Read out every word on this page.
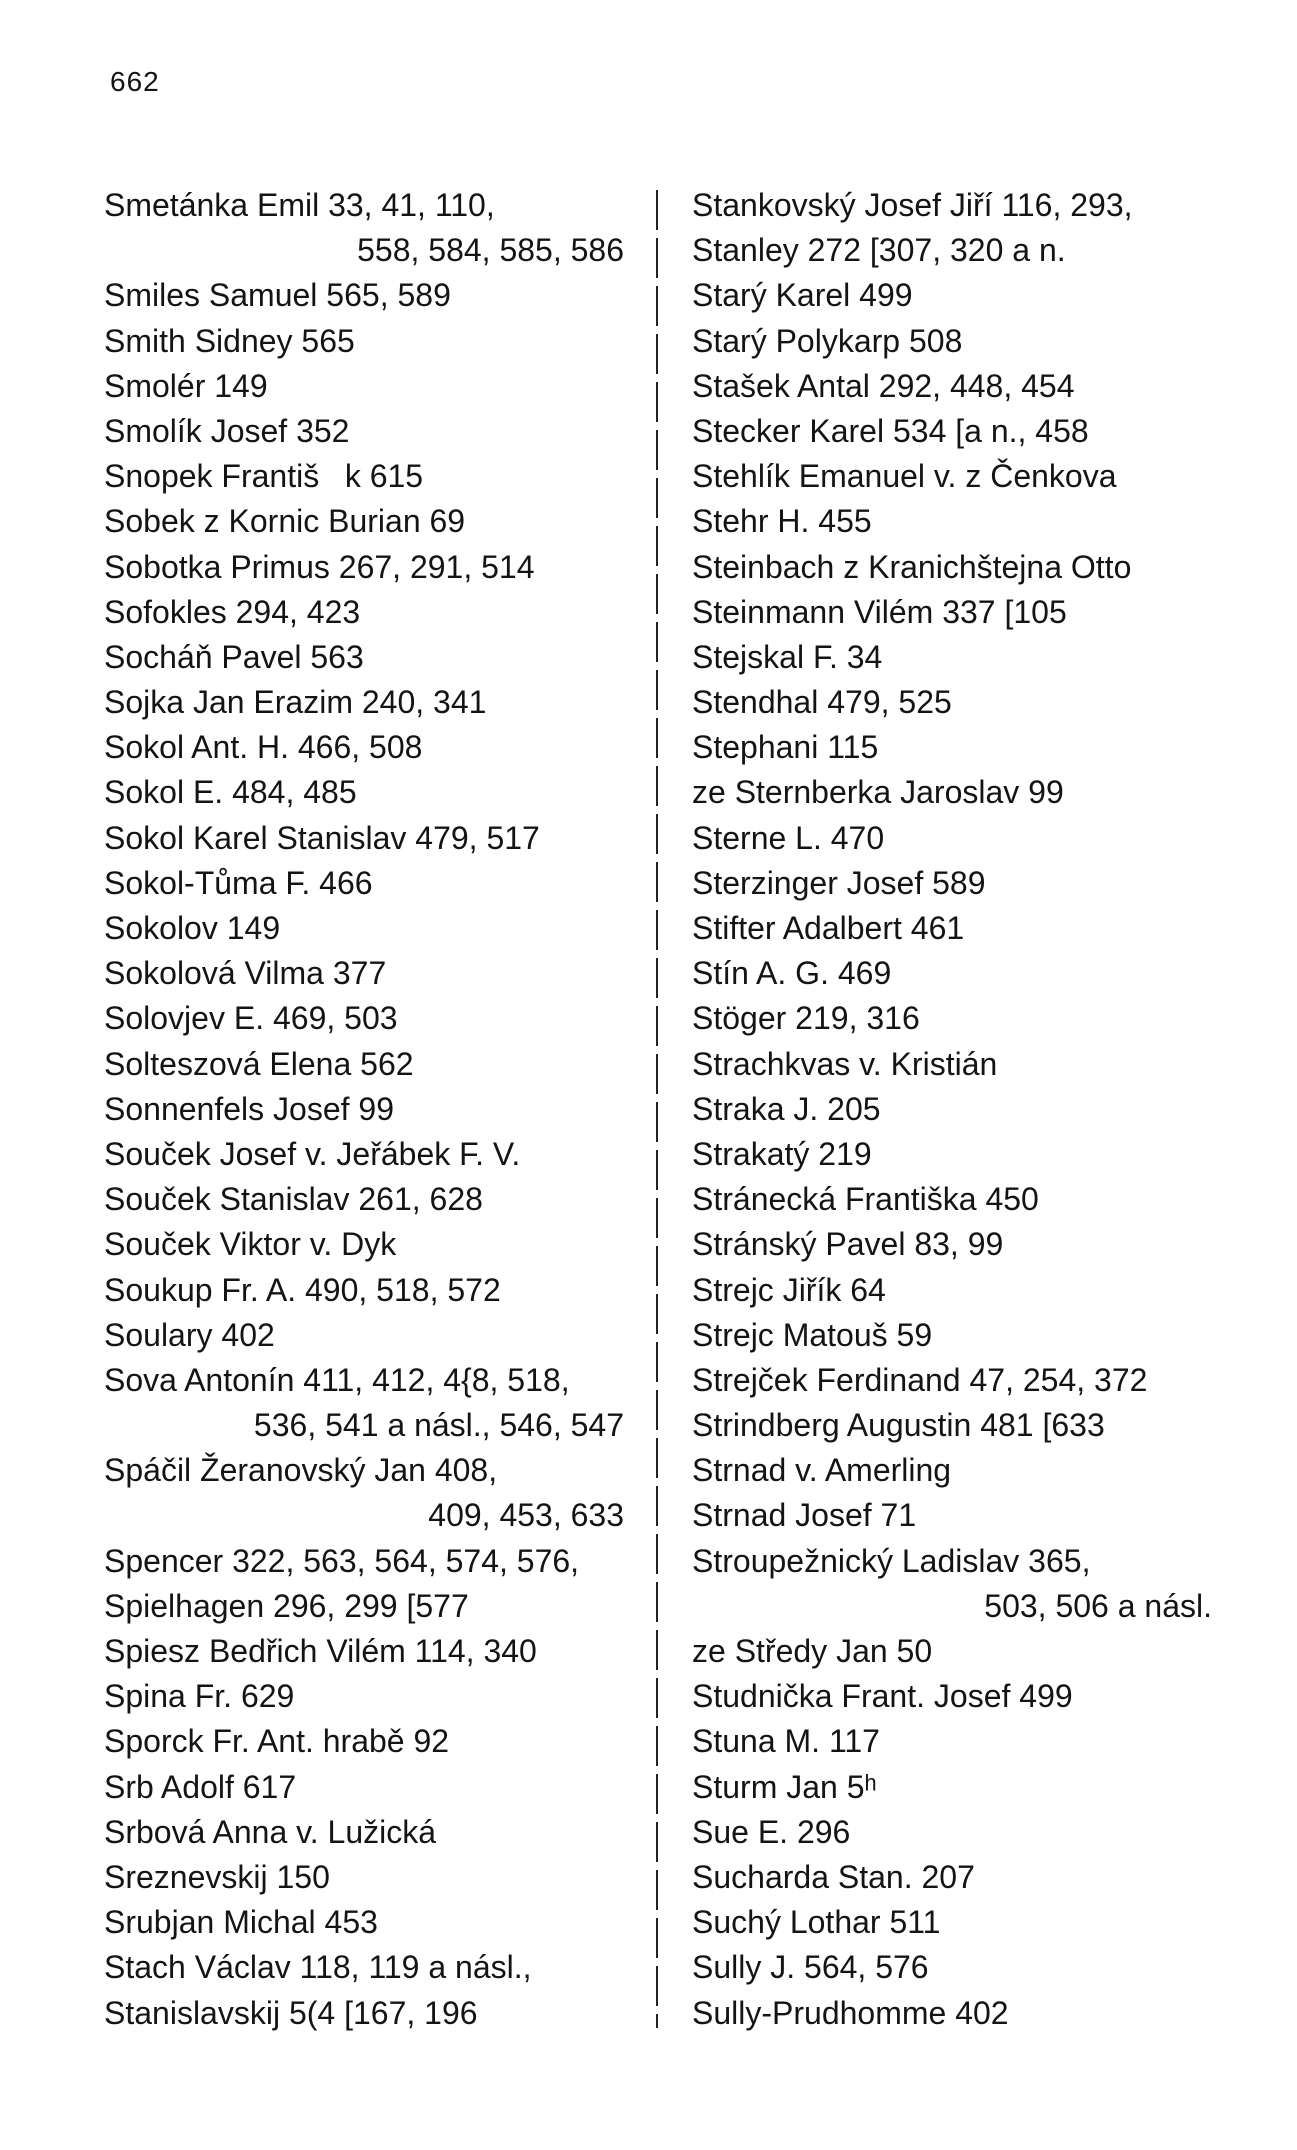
662
Smetánka Emil 33, 41, 110,
558, 584, 585, 586
Smiles Samuel 565, 589
Smith Sidney 565
Smolér 149
Smolík Josef 352
Snopek Františk 615
Sobek z Kornic Burian 69
Sobotka Primus 267, 291, 514
Sofokles 294, 423
Socháň Pavel 563
Sojka Jan Erazim 240, 341
Sokol Ant. H. 466, 508
Sokol E. 484, 485
Sokol Karel Stanislav 479, 517
Sokol-Tůma F. 466
Sokolov 149
Sokolová Vilma 377
Solovjev E. 469, 503
Solteszová Elena 562
Sonnenfels Josef 99
Souček Josef v. Jeřábek F. V.
Souček Stanislav 261, 628
Souček Viktor v. Dyk
Soukup Fr. A. 490, 518, 572
Soulary 402
Sova Antonín 411, 412, 4{8, 518,
536, 541 a násl., 546, 547
Spáčil Žeranovský Jan 408,
409, 453, 633
Spencer 322, 563, 564, 574, 576,
Spielhagen 296, 299 [577
Spiesz Bedřich Vilém 114, 340
Spina Fr. 629
Sporck Fr. Ant. hrabě 92
Srb Adolf 617
Srbová Anna v. Lužická
Sreznevskij 150
Srubjan Michal 453
Stach Václav 118, 119 a násl.,
Stanislavskij 5(4 [167, 196
Stankovský Josef Jiří 116, 293,
Stanley 272 [307, 320 a n.
Starý Karel 499
Starý Polykarp 508
Stašek Antal 292, 448, 454
Stecker Karel 534 [a n., 458
Stehlík Emanuel v. z Čenkova
Stehr H. 455
Steinbach z Kranichštejna Otto
Steinmann Vilém 337 [105
Stejskal F. 34
Stendhal 479, 525
Stephani 115
ze Sternberka Jaroslav 99
Sterne L. 470
Sterzinger Josef 589
Stifter Adalbert 461
Stín A. G. 469
Stöger 219, 316
Strachkvas v. Kristián
Straka J. 205
Strakatý 219
Stránecká Františka 450
Stránský Pavel 83, 99
Strejc Jiřík 64
Strejc Matouš 59
Strejček Ferdinand 47, 254, 372
Strindberg Augustin 481 [633
Strnad v. Amerling
Strnad Josef 71
Stroupežnický Ladislav 365,
503, 506 a násl.
ze Středy Jan 50
Studnička Frant. Josef 499
Stuna M. 117
Sturm Jan 5ʰ
Sue E. 296
Sucharda Stan. 207
Suchý Lothar 511
Sully J. 564, 576
Sully-Prudhomme 402
